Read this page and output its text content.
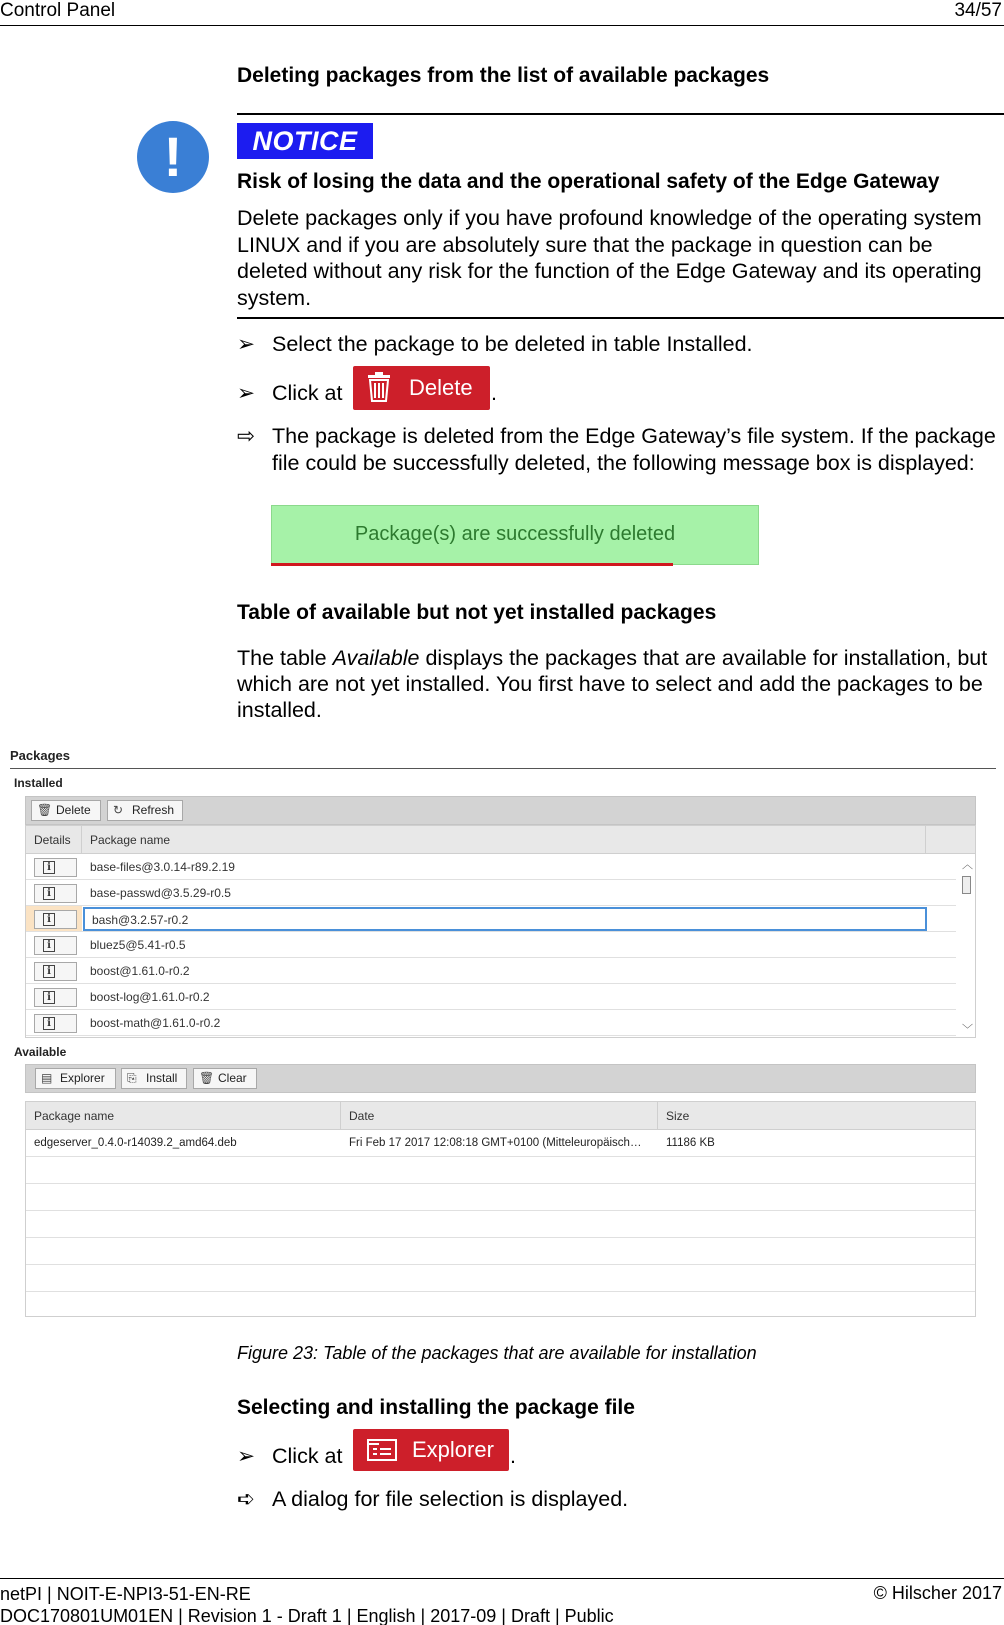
Control Panel	34/57
Deleting packages from the list of available packages
!	NOTICE
Risk of losing the data and the operational safety of the Edge Gateway
Delete packages only if you have profound knowledge of the operating system LINUX and if you are absolutely sure that the package in question can be deleted without any risk for the function of the Edge Gateway and its operating system.
➢ Select the package to be deleted in table Installed.
➢ Click at	Delete .
⇨ The package is deleted from the Edge Gateway’s file system. If the package file could be successfully deleted, the following message box is displayed:
Package(s) are successfully deleted
Table of available but not yet installed packages
The table Available displays the packages that are available for installation, but which are not yet installed. You first have to select and add the packages to be installed.
Packages
Installed
🗑 Delete	↻ Refresh
Details	Package name
i	base-files@3.0.14-r89.2.19
i	base-passwd@3.5.29-r0.5
i	bash@3.2.57-r0.2
i	bluez5@5.41-r0.5
i	boost@1.61.0-r0.2
i	boost-log@1.61.0-r0.2
i	boost-math@1.61.0-r0.2
︿
﹀
Available
▤ Explorer	⎘ Install	🗑 Clear
Package name	Date	Size
edgeserver_0.4.0-r14039.2_amd64.deb	Fri Feb 17 2017 12:08:18 GMT+0100 (Mitteleuropäisch…	11186 KB
Figure 23: Table of the packages that are available for installation
Selecting and installing the package file
➢ Click at	Explorer .
➪ A dialog for file selection is displayed.
netPI | NOIT-E-NPI3-51-EN-RE
DOC170801UM01EN | Revision 1 - Draft 1 | English | 2017-09 | Draft | Public
© Hilscher 2017
